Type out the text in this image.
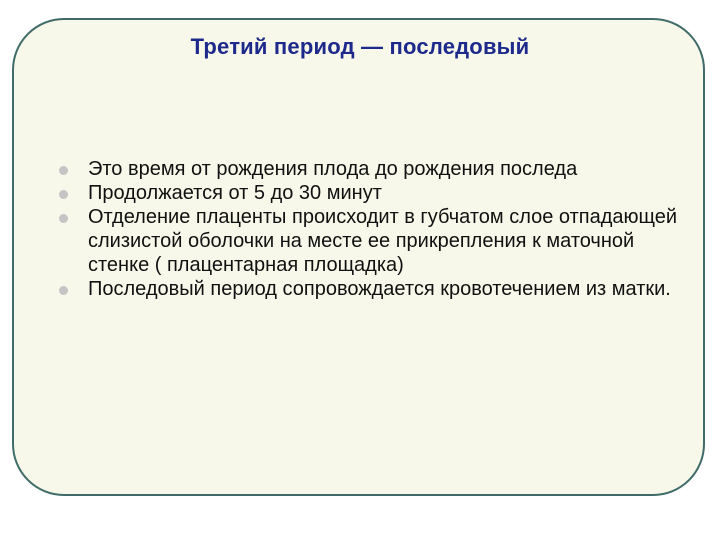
Третий период — последовый
Это время от рождения плода до рождения последа
Продолжается от 5 до 30 минут
Отделение плаценты происходит в губчатом слое отпадающей слизистой оболочки на месте ее прикрепления к маточной стенке ( плацентарная площадка)
Последовый период сопровождается кровотечением из матки.
